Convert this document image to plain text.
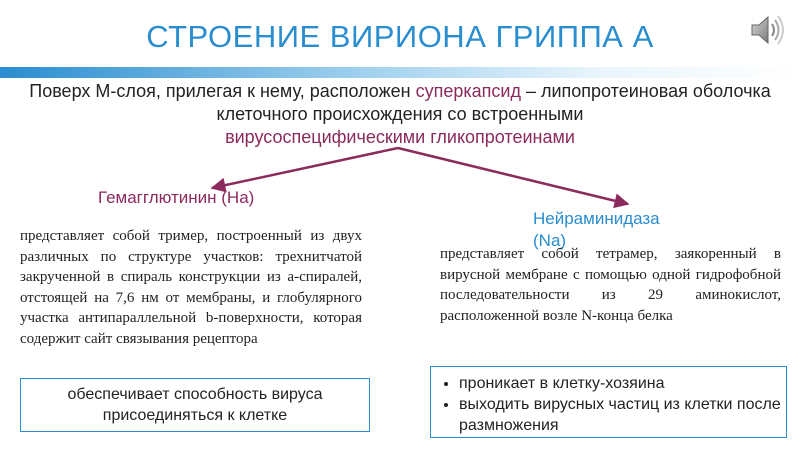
СТРОЕНИЕ ВИРИОНА ГРИППА А
Поверх М-слоя, прилегая к нему, расположен суперкапсид – липопротеиновая оболочка клеточного происхождения со встроенными
вирусоспецифическими гликопротеинами
Гемагглютинин (На)
Нейраминидаза (Na)
представляет собой тример, построенный из двух различных по структуре участков: трехнитчатой закрученной в спираль конструкции из а-спиралей, отстоящей на 7,6 нм от мембраны, и глобулярного участка антипараллельной b-поверхности, которая содержит сайт связывания рецептора
представляет собой тетрамер, заякоренный в вирусной мембране с помощью одной гидрофобной последовательности из 29 аминокислот, расположенной возле N-конца белка
обеспечивает способность вируса присоединяться к клетке
• проникает в клетку-хозяина
• выходить вирусных частиц из клетки после размножения
